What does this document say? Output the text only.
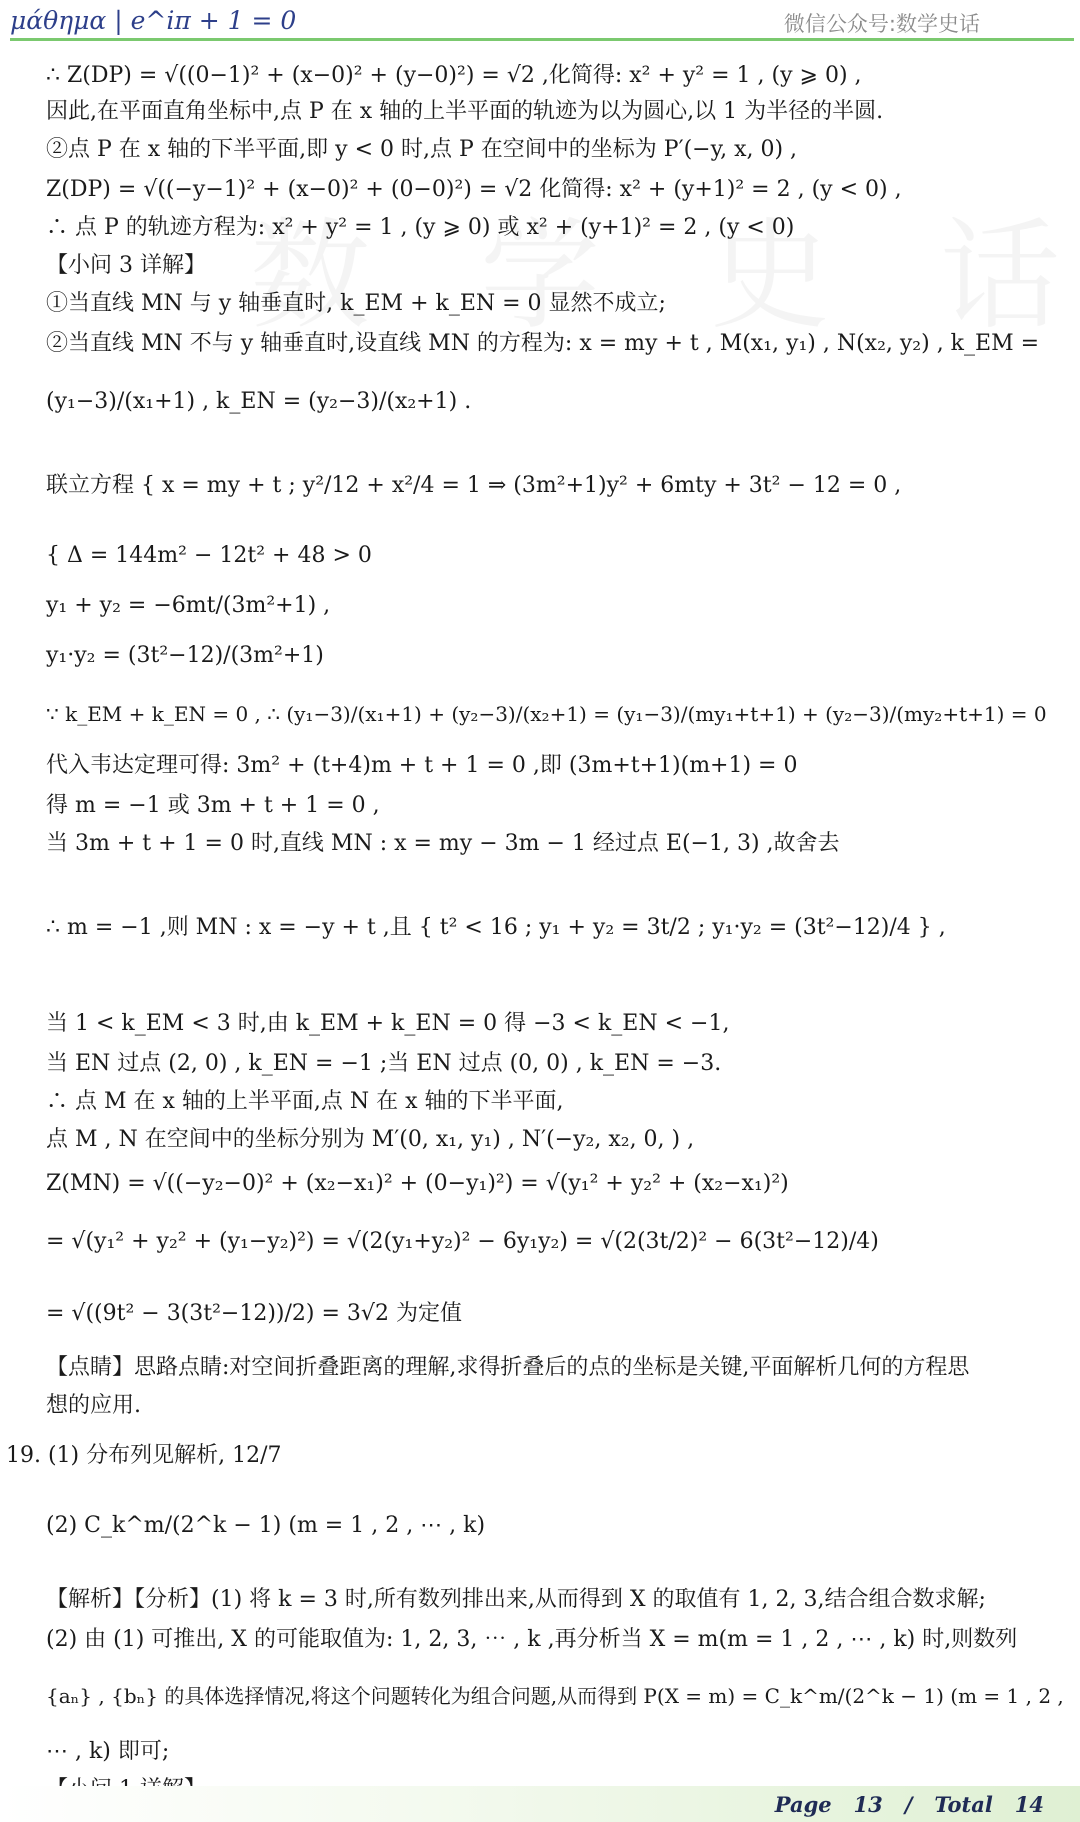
μάθημα | e^iπ + 1 = 0	微信公众号:数学史话
∴ Z(DP) = √((0−1)² + (x−0)² + (y−0)²) = √2 ,化简得: x² + y² = 1 , (y ⩾ 0) ,
因此,在平面直角坐标中,点 P 在 x 轴的上半平面的轨迹为以为圆心,以 1 为半径的半圆.
②点 P 在 x 轴的下半平面,即 y < 0 时,点 P 在空间中的坐标为 P′(−y, x, 0) ,
Z(DP) = √((−y−1)² + (x−0)² + (0−0)²) = √2 化简得: x² + (y+1)² = 2 , (y < 0) ,
∴ 点 P 的轨迹方程为: x² + y² = 1 , (y ⩾ 0) 或 x² + (y+1)² = 2 , (y < 0)
【小问 3 详解】
①当直线 MN 与 y 轴垂直时, k_EM + k_EN = 0 显然不成立;
②当直线 MN 不与 y 轴垂直时,设直线 MN 的方程为: x = my + t , M(x₁, y₁) , N(x₂, y₂) , k_EM =
(y₁−3)/(x₁+1) , k_EN = (y₂−3)/(x₂+1) .
联立方程 { x = my + t ; y²/12 + x²/4 = 1 ⇒ (3m²+1)y² + 6mty + 3t² − 12 = 0 ,
{ Δ = 144m² − 12t² + 48 > 0
y₁ + y₂ = −6mt/(3m²+1) ,
y₁·y₂ = (3t²−12)/(3m²+1)
∵ k_EM + k_EN = 0 , ∴ (y₁−3)/(x₁+1) + (y₂−3)/(x₂+1) = (y₁−3)/(my₁+t+1) + (y₂−3)/(my₂+t+1) = 0
代入韦达定理可得: 3m² + (t+4)m + t + 1 = 0 ,即 (3m+t+1)(m+1) = 0
得 m = −1 或 3m + t + 1 = 0 ,
当 3m + t + 1 = 0 时,直线 MN : x = my − 3m − 1 经过点 E(−1, 3) ,故舍去
∴ m = −1 ,则 MN : x = −y + t ,且 { t² < 16 ; y₁ + y₂ = 3t/2 ; y₁·y₂ = (3t²−12)/4 } ,
当 1 < k_EM < 3 时,由 k_EM + k_EN = 0 得 −3 < k_EN < −1,
当 EN 过点 (2, 0) , k_EN = −1 ;当 EN 过点 (0, 0) , k_EN = −3.
∴ 点 M 在 x 轴的上半平面,点 N 在 x 轴的下半平面,
点 M , N 在空间中的坐标分别为 M′(0, x₁, y₁) , N′(−y₂, x₂, 0, ) ,
Z(MN) = √((−y₂−0)² + (x₂−x₁)² + (0−y₁)²) = √(y₁² + y₂² + (x₂−x₁)²)
= √(y₁² + y₂² + (y₁−y₂)²) = √(2(y₁+y₂)² − 6y₁y₂) = √(2(3t/2)² − 6(3t²−12)/4)
= √((9t² − 3(3t²−12))/2) = 3√2 为定值
【点睛】思路点睛:对空间折叠距离的理解,求得折叠后的点的坐标是关键,平面解析几何的方程思
想的应用.
19. (1) 分布列见解析, 12/7
(2) C_k^m/(2^k − 1) (m = 1 , 2 , ⋯ , k)
【解析】【分析】(1) 将 k = 3 时,所有数列排出来,从而得到 X 的取值有 1, 2, 3,结合组合数求解;
(2) 由 (1) 可推出, X 的可能取值为: 1, 2, 3, ⋯ , k ,再分析当 X = m(m = 1 , 2 , ⋯ , k) 时,则数列
{aₙ} , {bₙ} 的具体选择情况,将这个问题转化为组合问题,从而得到 P(X = m) = C_k^m/(2^k − 1) (m = 1 , 2 ,
⋯ , k) 即可;
Page   13   /   Total   14
